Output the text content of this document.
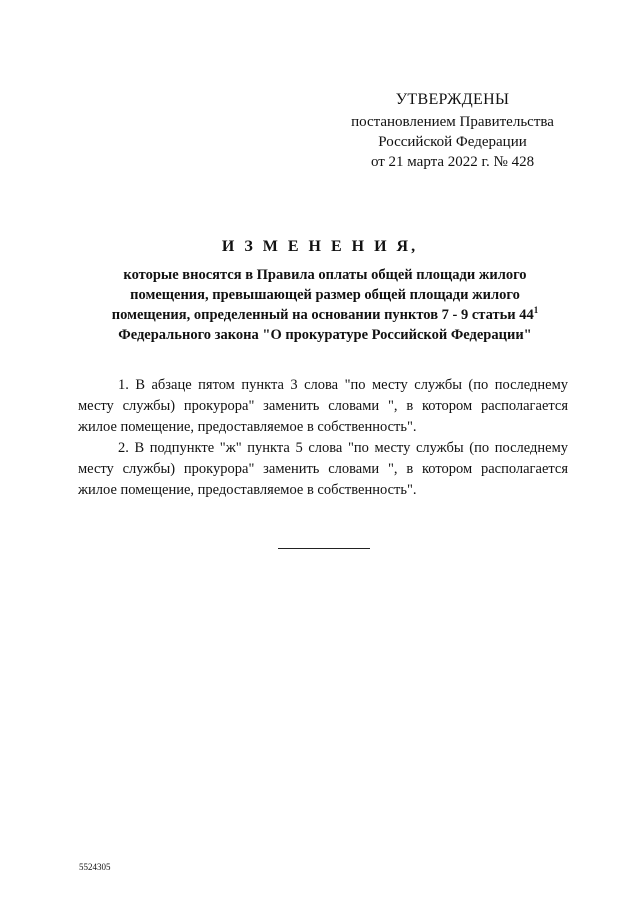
УТВЕРЖДЕНЫ
постановлением Правительства
Российской Федерации
от 21 марта 2022 г. № 428
И З М Е Н Е Н И Я,
которые вносятся в Правила оплаты общей площади жилого
помещения, превышающей размер общей площади жилого
помещения, определенный на основании пунктов 7 - 9 статьи $44^1$
Федерального закона "О прокуратуре Российской Федерации"

1. В абзаце пятом пункта 3 слова "по месту службы (по последнему месту службы) прокурора" заменить словами ", в котором располагается жилое помещение, предоставляемое в собственность".

2. В подпункте "ж" пункта 5 слова "по месту службы (по последнему месту службы) прокурора" заменить словами ", в котором располагается жилое помещение, предоставляемое в собственность".

5524305
